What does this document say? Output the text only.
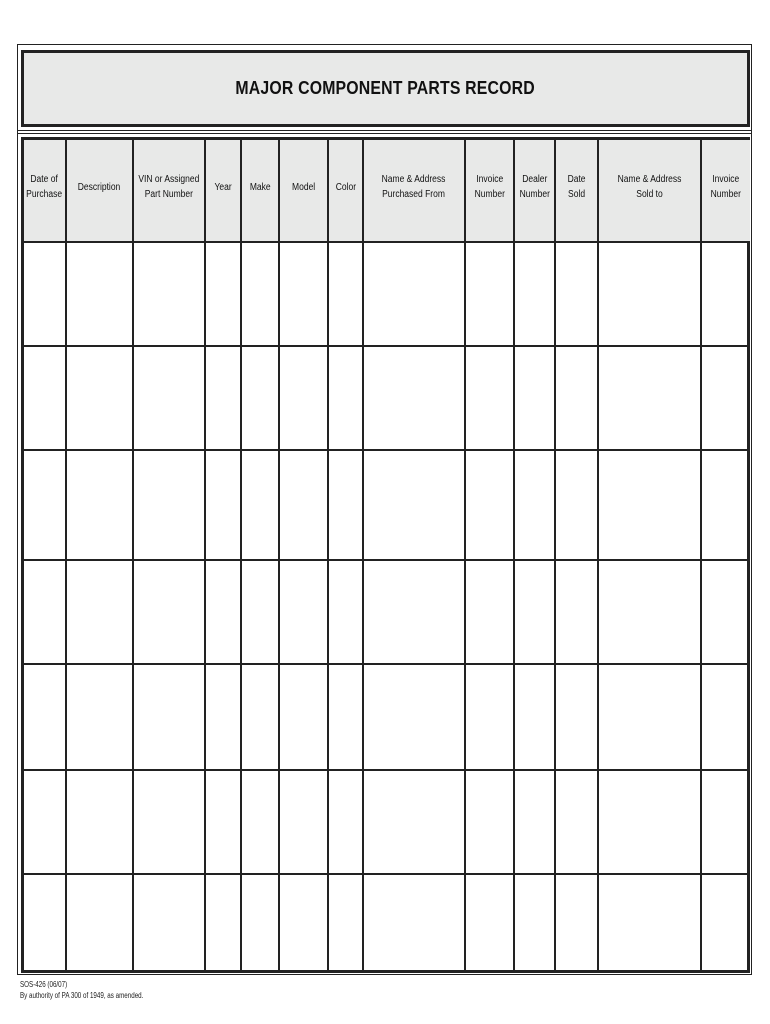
MAJOR COMPONENT PARTS RECORD
Date of
Purchase
Description
VIN or Assigned
Part Number
Year Make Model Color
Name & Address
Purchased From
Invoice
Number
Dealer
Number
Date
Sold
Name & Address
Sold to
Invoice
Number
SOS-426 (06/07)
By authority of PA 300 of 1949, as amended.
